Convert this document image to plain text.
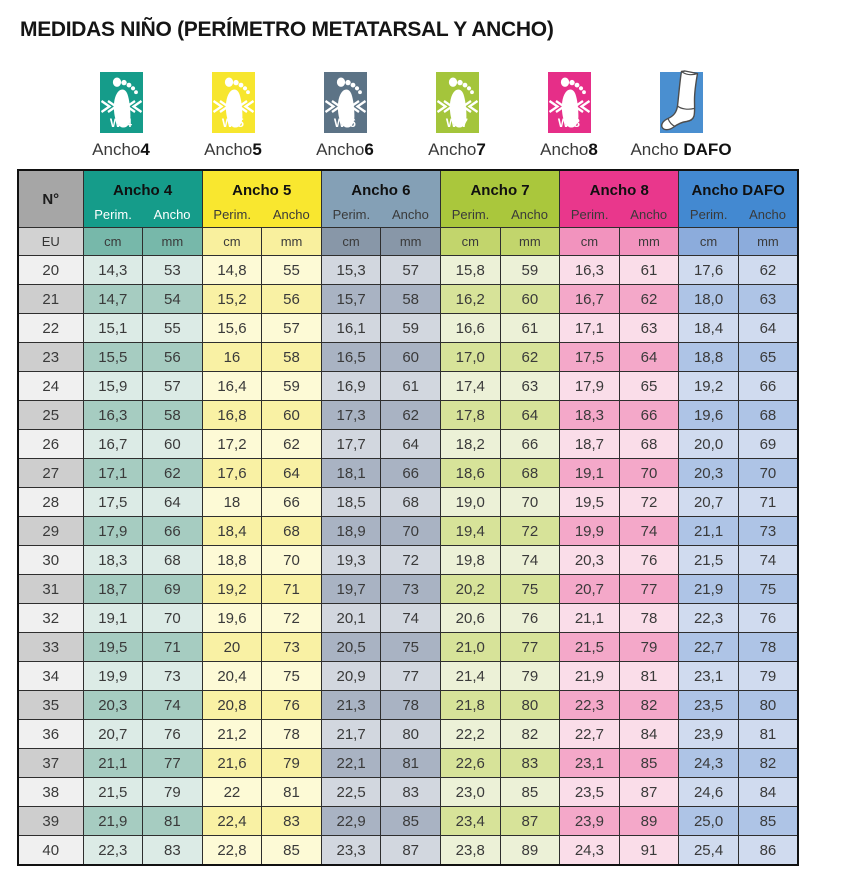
MEDIDAS NIÑO (PERÍMETRO METATARSAL Y ANCHO)
W-4
Ancho4
W-5
Ancho5
W-6
Ancho6
W-7
Ancho7
W-8
Ancho8 Ancho DAFO
N°	
Ancho 4
Perim.	Ancho

Ancho 5
Perim.	Ancho

Ancho 6
Perim.	Ancho

Ancho 7
Perim.	Ancho

Ancho 8
Perim.	Ancho

Ancho DAFO
Perim.	Ancho

EU	cm	mm	cm	mm	cm	mm	cm	mm	cm	mm	cm	mm
20	14,3	53	14,8	55	15,3	57	15,8	59	16,3	61	17,6	62
21	14,7	54	15,2	56	15,7	58	16,2	60	16,7	62	18,0	63
22	15,1	55	15,6	57	16,1	59	16,6	61	17,1	63	18,4	64
23	15,5	56	16	58	16,5	60	17,0	62	17,5	64	18,8	65
24	15,9	57	16,4	59	16,9	61	17,4	63	17,9	65	19,2	66
25	16,3	58	16,8	60	17,3	62	17,8	64	18,3	66	19,6	68
26	16,7	60	17,2	62	17,7	64	18,2	66	18,7	68	20,0	69
27	17,1	62	17,6	64	18,1	66	18,6	68	19,1	70	20,3	70
28	17,5	64	18	66	18,5	68	19,0	70	19,5	72	20,7	71
29	17,9	66	18,4	68	18,9	70	19,4	72	19,9	74	21,1	73
30	18,3	68	18,8	70	19,3	72	19,8	74	20,3	76	21,5	74
31	18,7	69	19,2	71	19,7	73	20,2	75	20,7	77	21,9	75
32	19,1	70	19,6	72	20,1	74	20,6	76	21,1	78	22,3	76
33	19,5	71	20	73	20,5	75	21,0	77	21,5	79	22,7	78
34	19,9	73	20,4	75	20,9	77	21,4	79	21,9	81	23,1	79
35	20,3	74	20,8	76	21,3	78	21,8	80	22,3	82	23,5	80
36	20,7	76	21,2	78	21,7	80	22,2	82	22,7	84	23,9	81
37	21,1	77	21,6	79	22,1	81	22,6	83	23,1	85	24,3	82
38	21,5	79	22	81	22,5	83	23,0	85	23,5	87	24,6	84
39	21,9	81	22,4	83	22,9	85	23,4	87	23,9	89	25,0	85
40	22,3	83	22,8	85	23,3	87	23,8	89	24,3	91	25,4	86
